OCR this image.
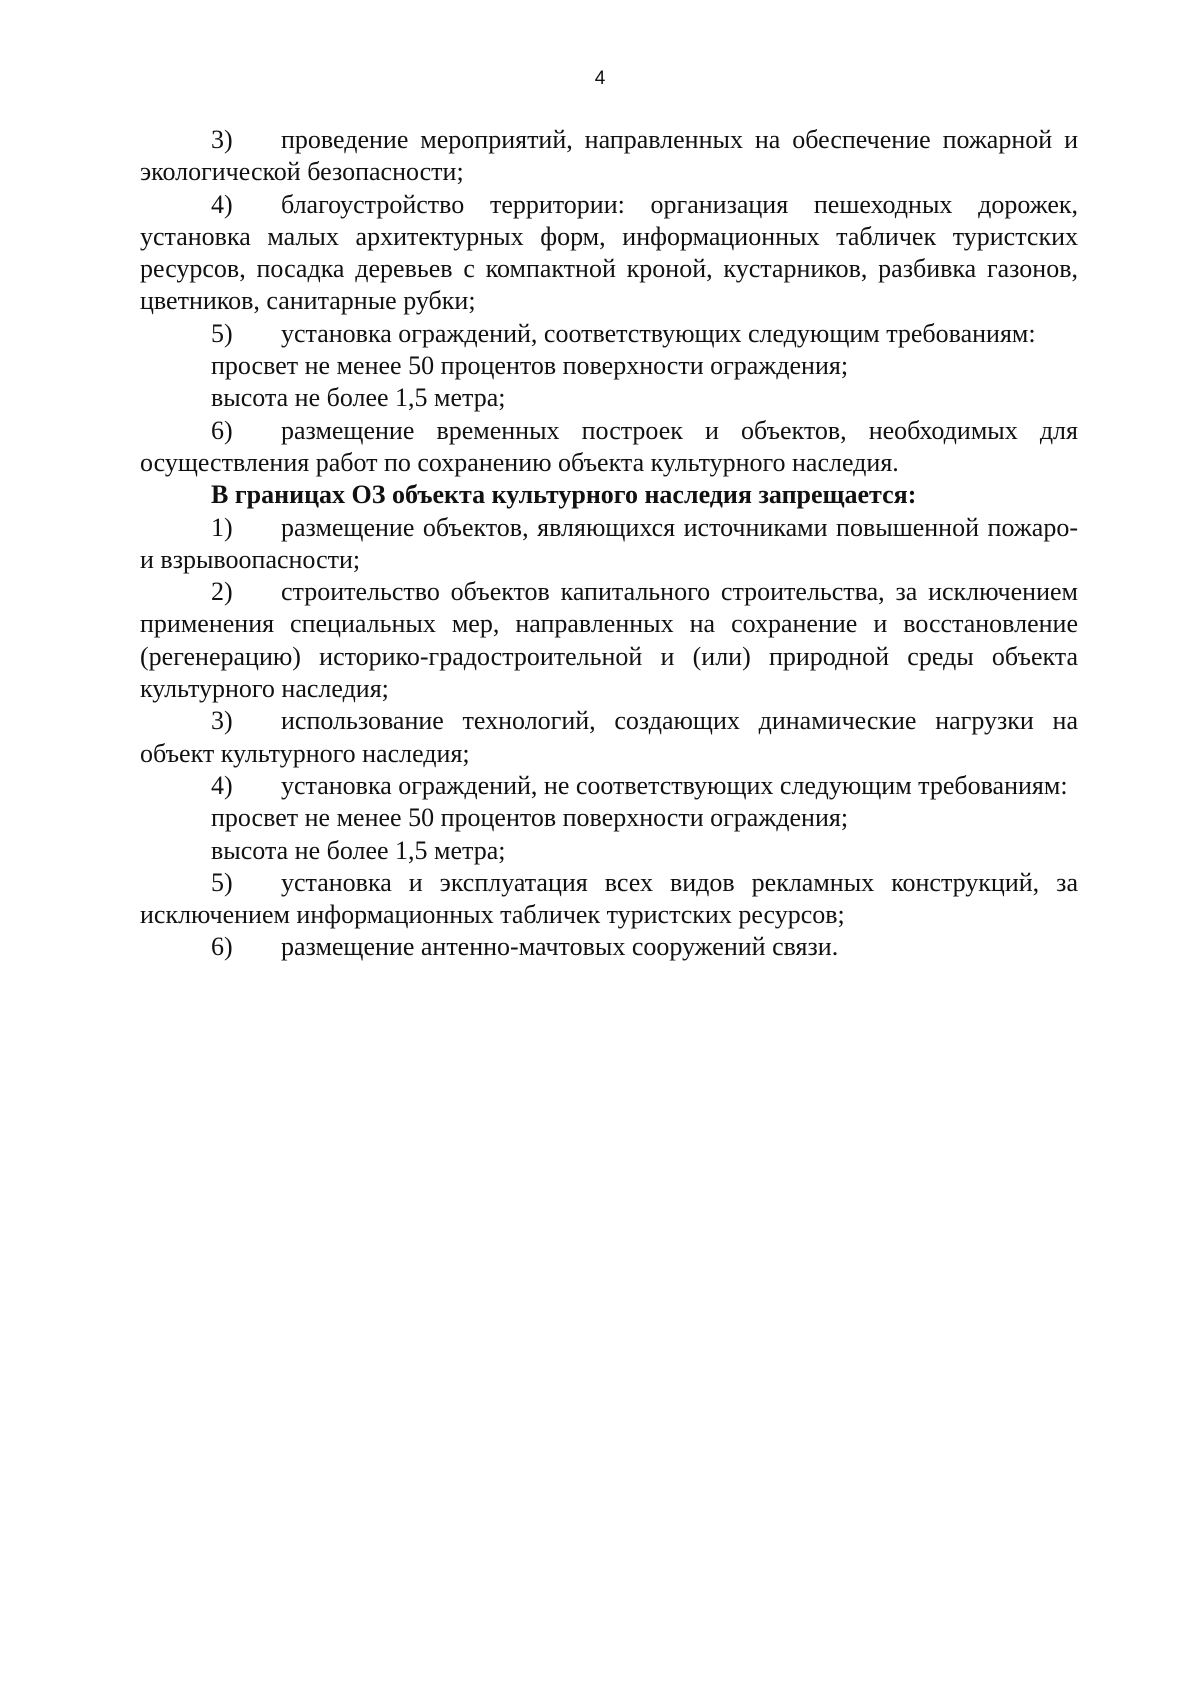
4

3) проведение мероприятий, направленных на обеспечение пожарной и экологической безопасности;

4) благоустройство территории: организация пешеходных дорожек, установка малых архитектурных форм, информационных табличек туристских ресурсов, посадка деревьев с компактной кроной, кустарников, разбивка газонов, цветников, санитарные рубки;

5) установка ограждений, соответствующих следующим требованиям:

просвет не менее 50 процентов поверхности ограждения;

высота не более 1,5 метра;

6) размещение временных построек и объектов, необходимых для осуществления работ по сохранению объекта культурного наследия.

В границах ОЗ объекта культурного наследия запрещается:

1) размещение объектов, являющихся источниками повышенной пожаро- и взрывоопасности;

2) строительство объектов капитального строительства, за исключением применения специальных мер, направленных на сохранение и восстановление (регенерацию) историко-градостроительной и (или) природной среды объекта культурного наследия;

3) использование технологий, создающих динамические нагрузки на объект культурного наследия;

4) установка ограждений, не соответствующих следующим требованиям:

просвет не менее 50 процентов поверхности ограждения;

высота не более 1,5 метра;

5) установка и эксплуатация всех видов рекламных конструкций, за исключением информационных табличек туристских ресурсов;

6) размещение антенно-мачтовых сооружений связи.
